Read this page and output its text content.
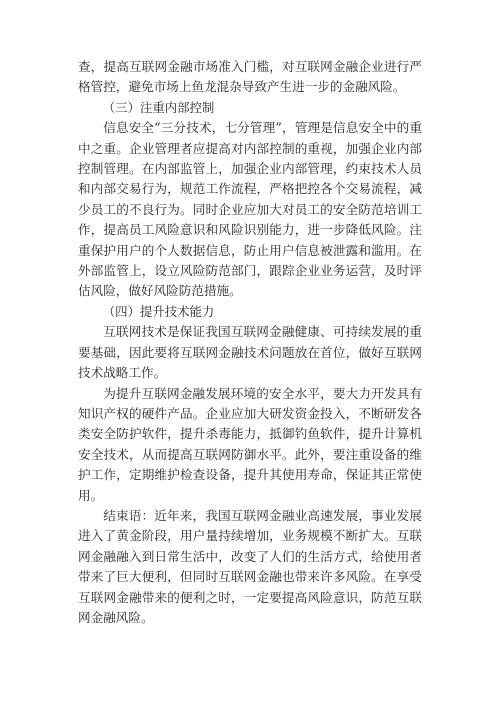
查，提高互联网金融市场准入门槛，对互联网金融企业进行严格管控，避免市场上鱼龙混杂导致产生进一步的金融风险。

（三）注重内部控制

信息安全“三分技术，七分管理”，管理是信息安全中的重中之重。企业管理者应提高对内部控制的重视，加强企业内部控制管理。在内部监管上，加强企业内部管理，约束技术人员和内部交易行为，规范工作流程，严格把控各个交易流程，减少员工的不良行为。同时企业应加大对员工的安全防范培训工作，提高员工风险意识和风险识别能力，进一步降低风险。注重保护用户的个人数据信息，防止用户信息被泄露和滥用。在外部监管上，设立风险防范部门，跟踪企业业务运营，及时评估风险，做好风险防范措施。

（四）提升技术能力

互联网技术是保证我国互联网金融健康、可持续发展的重要基础，因此要将互联网金融技术问题放在首位，做好互联网技术战略工作。

为提升互联网金融发展环境的安全水平，要大力开发具有知识产权的硬件产品。企业应加大研发资金投入，不断研发各类安全防护软件，提升杀毒能力，抵御钓鱼软件，提升计算机安全技术，从而提高互联网防御水平。此外，要注重设备的维护工作，定期维护检查设备，提升其使用寿命，保证其正常使用。

结束语：近年来，我国互联网金融业高速发展，事业发展进入了黄金阶段，用户量持续增加，业务规模不断扩大。互联网金融融入到日常生活中，改变了人们的生活方式，给使用者带来了巨大便利，但同时互联网金融也带来许多风险。在享受互联网金融带来的便利之时，一定要提高风险意识，防范互联网金融风险。
